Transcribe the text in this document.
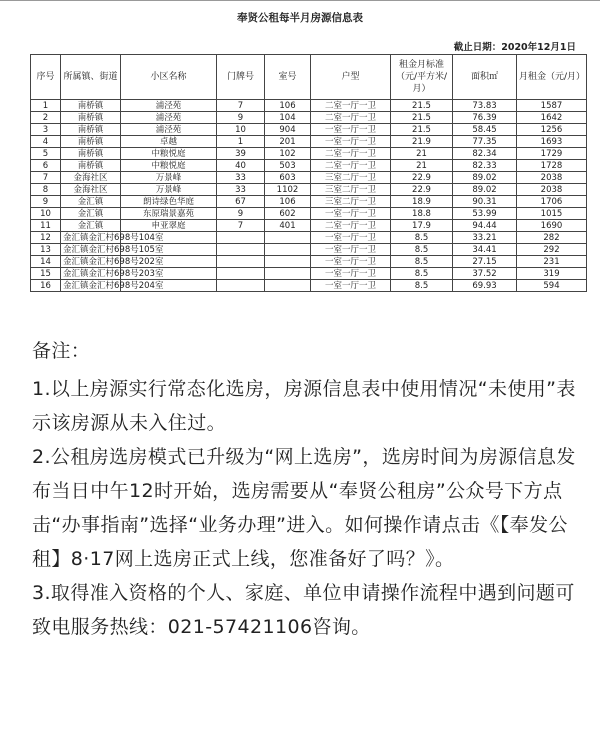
奉贤公租每半月房源信息表
截止日期：2020年12月1日
序号	所属镇、街道	小区名称	门牌号	室号	户型	租金月标准（元/平方米/月）	面积㎡	月租金（元/月）
1	南桥镇	浦泾苑	7	106	二室一厅一卫	21.5	73.83	1587
2	南桥镇	浦泾苑	9	104	二室一厅一卫	21.5	76.39	1642
3	南桥镇	浦泾苑	10	904	一室一厅一卫	21.5	58.45	1256
4	南桥镇	卓越	1	201	一室一厅一卫	21.9	77.35	1693
5	南桥镇	中粮悦庭	39	102	二室一厅一卫	21	82.34	1729
6	南桥镇	中粮悦庭	40	503	二室一厅一卫	21	82.33	1728
7	金海社区	万景峰	33	603	三室二厅一卫	22.9	89.02	2038
8	金海社区	万景峰	33	1102	三室二厅一卫	22.9	89.02	2038
9	金汇镇	朗诗绿色华庭	67	106	三室二厅一卫	18.9	90.31	1706
10	金汇镇	东原瑞景嘉苑	9	602	一室一厅一卫	18.8	53.99	1015
11	金汇镇	申亚翠庭	7	401	二室一厅一卫	17.9	94.44	1690
12	金汇镇金汇村698号104室				一室一厅一卫	8.5	33.21	282
13	金汇镇金汇村698号105室				一室一厅一卫	8.5	34.41	292
14	金汇镇金汇村698号202室				一室一厅一卫	8.5	27.15	231
15	金汇镇金汇村698号203室				一室一厅一卫	8.5	37.52	319
16	金汇镇金汇村698号204室				一室一厅一卫	8.5	69.93	594

备注：

1.以上房源实行常态化选房，房源信息表中使用情况“未使用”表示该房源从未入住过。

2.公租房选房模式已升级为“网上选房”，选房时间为房源信息发布当日中午12时开始，选房需要从“奉贤公租房”公众号下方点击“办事指南”选择“业务办理”进入。如何操作请点击《【奉发公租】8·17网上选房正式上线，您准备好了吗？》。

3.取得准入资格的个人、家庭、单位申请操作流程中遇到问题可致电服务热线：021-57421106咨询。
